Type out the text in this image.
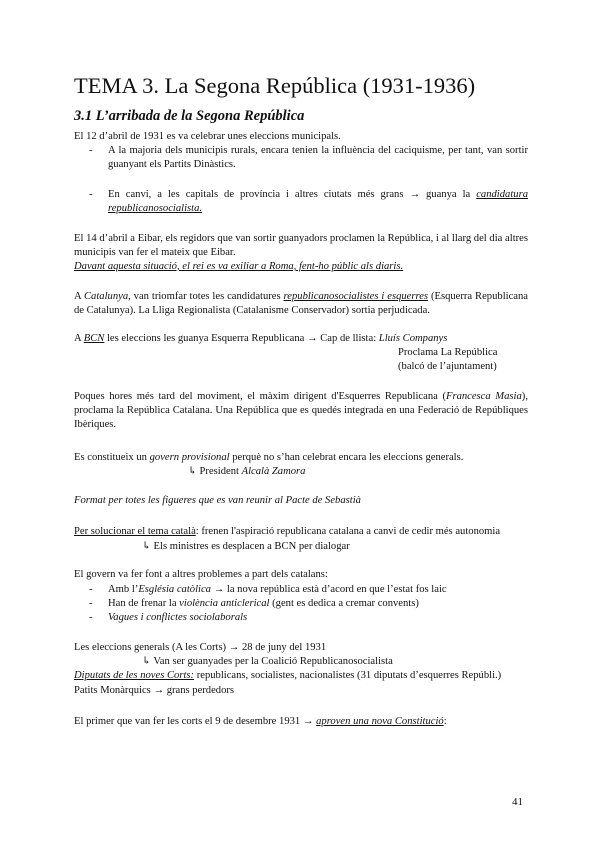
TEMA 3. La Segona República (1931-1936)
3.1 L’arribada de la Segona República
El 12 d’abril de 1931 es va celebrar unes eleccions municipals.
- A la majoria dels municipis rurals, encara tenien la influència del caciquisme, per tant, van sortir guanyant els Partits Dinàstics.
- En canvi, a les capitals de província i altres ciutats més grans → guanya la candidatura republicanosocialista.
El 14 d’abril a Eibar, els regidors que van sortir guanyadors proclamen la República, i al llarg del dia altres municipis van fer el mateix que Eibar.
Davant aquesta situació, el rei es va exiliar a Roma, fent-ho públic als diaris.
A Catalunya, van triomfar totes les candidatures republicanosocialistes i esquerres (Esquerra Republicana de Catalunya). La Lliga Regionalista (Catalanisme Conservador) sortia perjudicada.
A BCN les eleccions les guanya Esquerra Republicana → Cap de llista: Lluís Companys
Proclama La República
(balcó de l’ajuntament)
Poques hores més tard del moviment, el màxim dirigent d'Esquerres Republicana (Francesca Masia), proclama la República Catalana. Una República que es quedés integrada en una Federació de Repúbliques Ibèriques.
Es constitueix un govern provisional perquè no s’han celebrat encara les eleccions generals.
↳ President Alcalà Zamora
Format per totes les figueres que es van reunir al Pacte de Sebastià
Per solucionar el tema català: frenen l'aspiració republicana catalana a canvi de cedir més autonomia
↳ Els ministres es desplacen a BCN per dialogar
El govern va fer font a altres problemes a part dels catalans:
- Amb l’Església catòlica → la nova república està d’acord en que l’estat fos laic
- Han de frenar la violència anticlerical (gent es dedica a cremar convents)
- Vagues i conflictes sociolaborals
Les eleccions generals (A les Corts) → 28 de juny del 1931
↳ Van ser guanyades per la Coalició Republicanosocialista
Diputats de les noves Corts: republicans, socialistes, nacionalistes (31 diputats d’esquerres Repúbli.)
Patits Monàrquics → grans perdedors
El primer que van fer les corts el 9 de desembre 1931 → aproven una nova Constitució:
41
